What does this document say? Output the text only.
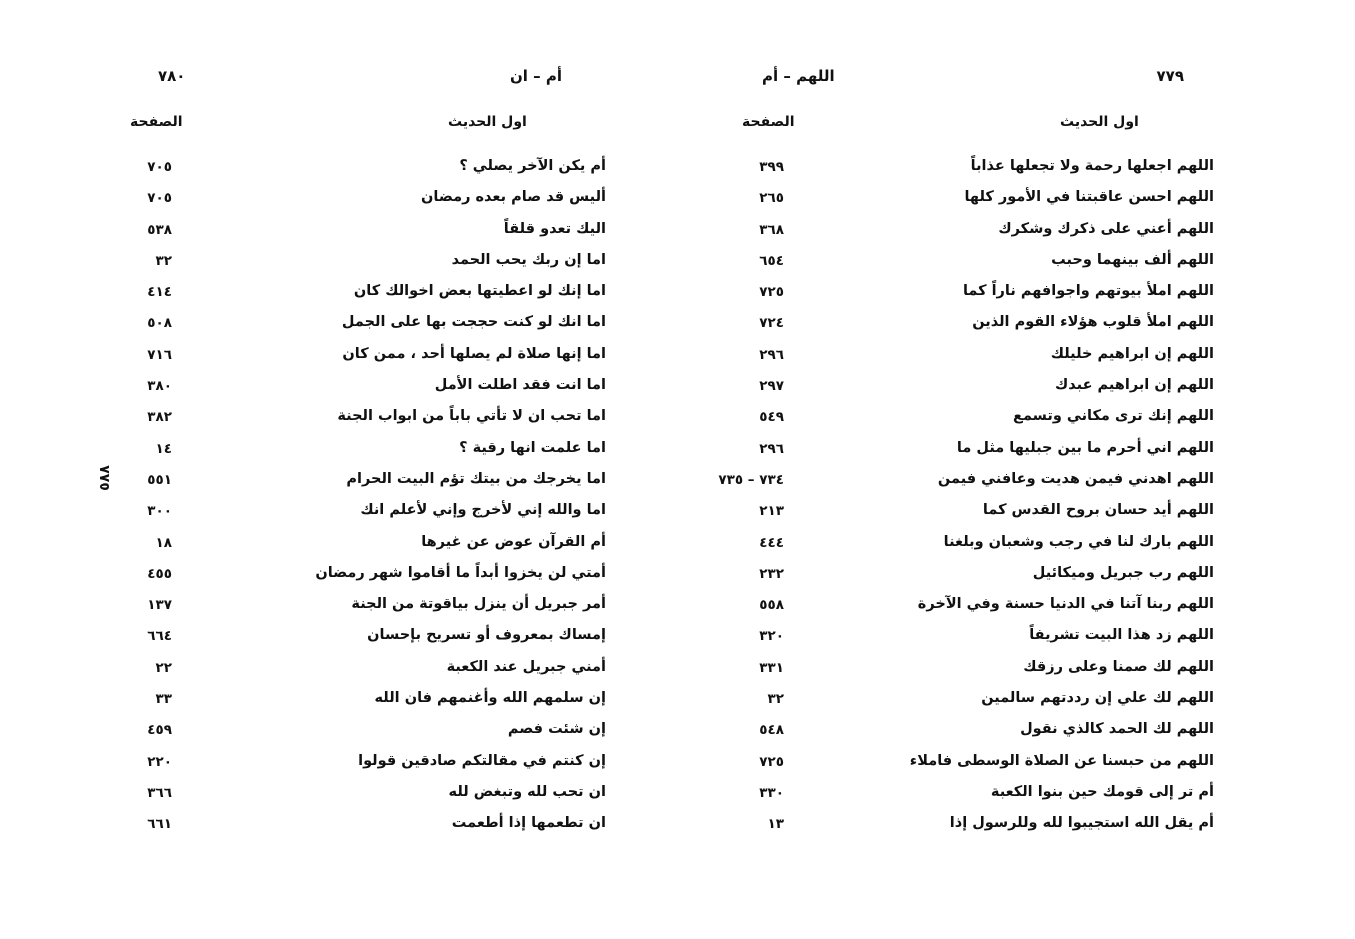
٧٨٠	أم – ان
اول الحديث
الصفحة
أم يكن الآخر يصلي ؟
٧٠٥
أليس قد صام بعده رمضان
٧٠٥
اليك تعدو قلقاً
٥٣٨
اما إن ربك يحب الحمد
٣٢
اما إنك لو اعطيتها بعض اخوالك كان
٤١٤
اما انك لو كنت حججت بها على الجمل
٥٠٨
اما إنها صلاة لم يصلها أحد ، ممن كان
٧١٦
اما انت فقد اطلت الأمل
٣٨٠
اما تحب ان لا تأتي باباً من ابواب الجنة
٣٨٢
اما علمت انها رقية ؟
١٤
اما يخرجك من بيتك تؤم البيت الحرام
٥٥١
اما والله إني لأخرج وإني لأعلم انك
٣٠٠
أم القرآن عوض عن غيرها
١٨
أمتي لن يخزوا أبداً ما أقاموا شهر رمضان
٤٥٥
أمر جبريل أن ينزل بياقوتة من الجنة
١٣٧
إمساك بمعروف أو تسريح بإحسان
٦٦٤
أمني جبريل عند الكعبة
٢٢
إن سلمهم الله وأغنمهم فان الله
٣٣
إن شئت فصم
٤٥٩
إن كنتم في مقالتكم صادقين قولوا
٢٢٠
ان تحب لله وتبغض لله
٣٦٦
ان تطعمها إذا أطعمت
٦٦١
٧٧٩
اللهم – أم
اول الحديث
الصفحة
اللهم اجعلها رحمة ولا تجعلها عذاباً
٣٩٩
اللهم احسن عاقبتنا في الأمور كلها
٢٦٥
اللهم أعني على ذكرك وشكرك
٣٦٨
اللهم ألف بينهما وحبب
٦٥٤
اللهم املأ بيوتهم واجوافهم ناراً كما
٧٢٥
اللهم املأ قلوب هؤلاء القوم الذين
٧٢٤
اللهم إن ابراهيم خليلك
٢٩٦
اللهم إن ابراهيم عبدك
٢٩٧
اللهم إنك ترى مكاني وتسمع
٥٤٩
اللهم اني أحرم ما بين جبليها مثل ما
٢٩٦
اللهم اهدني فيمن هديت وعافني فيمن
٧٣٤ – ٧٣٥
اللهم أيد حسان بروح القدس كما
٢١٣
اللهم بارك لنا في رجب وشعبان وبلغنا
٤٤٤
اللهم رب جبريل وميكائيل
٢٣٢
اللهم ربنا آتنا في الدنيا حسنة وفي الآخرة
٥٥٨
اللهم زد هذا البيت تشريفاً
٣٢٠
اللهم لك صمنا وعلى رزقك
٣٣١
اللهم لك علي إن رددتهم سالمين
٣٢
اللهم لك الحمد كالذي نقول
٥٤٨
اللهم من حبسنا عن الصلاة الوسطى فاملاء
٧٢٥
أم تر إلى قومك حين بنوا الكعبة
٣٣٠
أم يقل الله استجيبوا لله وللرسول إذا
١٣
٥٨٨
